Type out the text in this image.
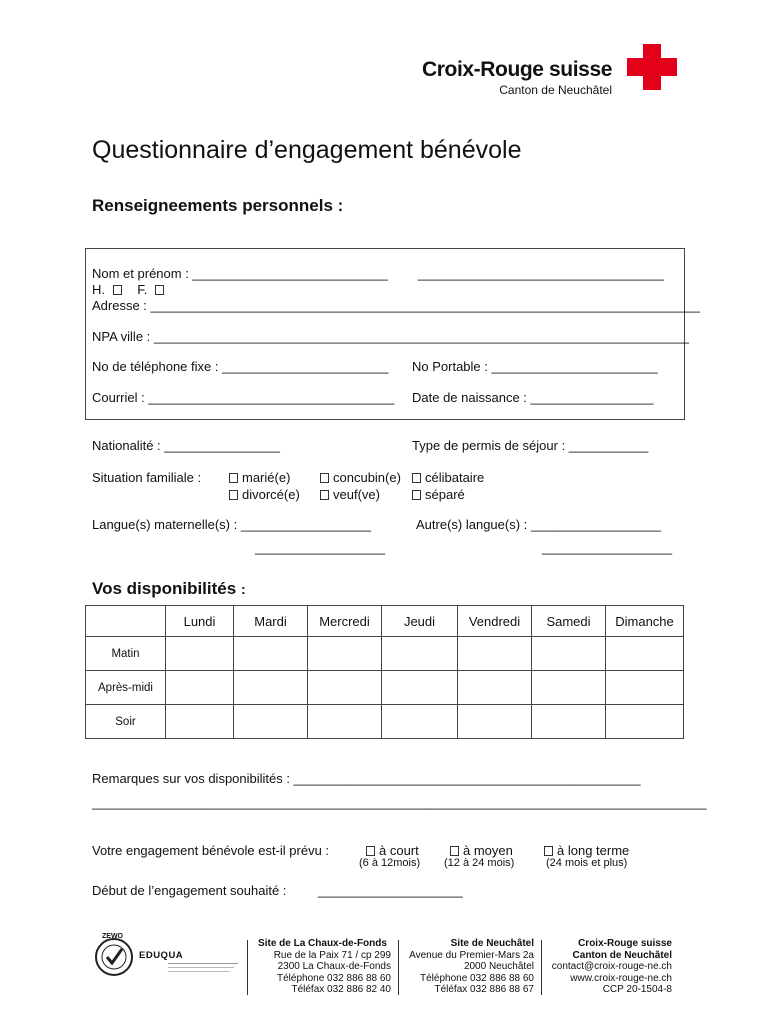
Croix-Rouge suisse
Canton de Neuchâtel
Questionnaire d’engagement bénévole
Renseigneements personnels :
Nom et prénom : ___________________________ __________________________________
H. F.
Adresse : ____________________________________________________________________________
NPA ville : __________________________________________________________________________
No de téléphone fixe : _______________________ No Portable : _______________________
Courriel : __________________________________ Date de naissance : _________________
Nationalité : ________________	Type de permis de séjour : ___________
Situation familiale :	marié(e)	concubin(e)	célibataire
divorcé(e)	veuf(ve)	séparé
Langue(s) maternelle(s) : __________________
__________________
Autre(s) langue(s) : __________________
__________________
Vos disponibilités :
	Lundi	Mardi	Mercredi	Jeudi	Vendredi	Samedi	Dimanche
Matin							
Après-midi							
Soir							
Remarques sur vos disponibilités : ________________________________________________
_____________________________________________________________________________________
Votre engagement bénévole est-il prévu :	à court	à moyen	à long terme
(6 à 12mois) (12 à 24 mois)	(24 mois et plus)
Début de l’engagement souhaité : ____________________
ZEWO
EDUQUA
Site de La Chaux-de-Fonds
Rue de la Paix 71 / cp 299
2300 La Chaux-de-Fonds
Téléphone 032 886 88 60
Téléfax 032 886 82 40
Site de Neuchâtel
Avenue du Premier-Mars 2a
2000 Neuchâtel
Téléphone 032 886 88 60
Téléfax 032 886 88 67
Croix-Rouge suisse
Canton de Neuchâtel
contact@croix-rouge-ne.ch
www.croix-rouge-ne.ch
CCP 20-1504-8
